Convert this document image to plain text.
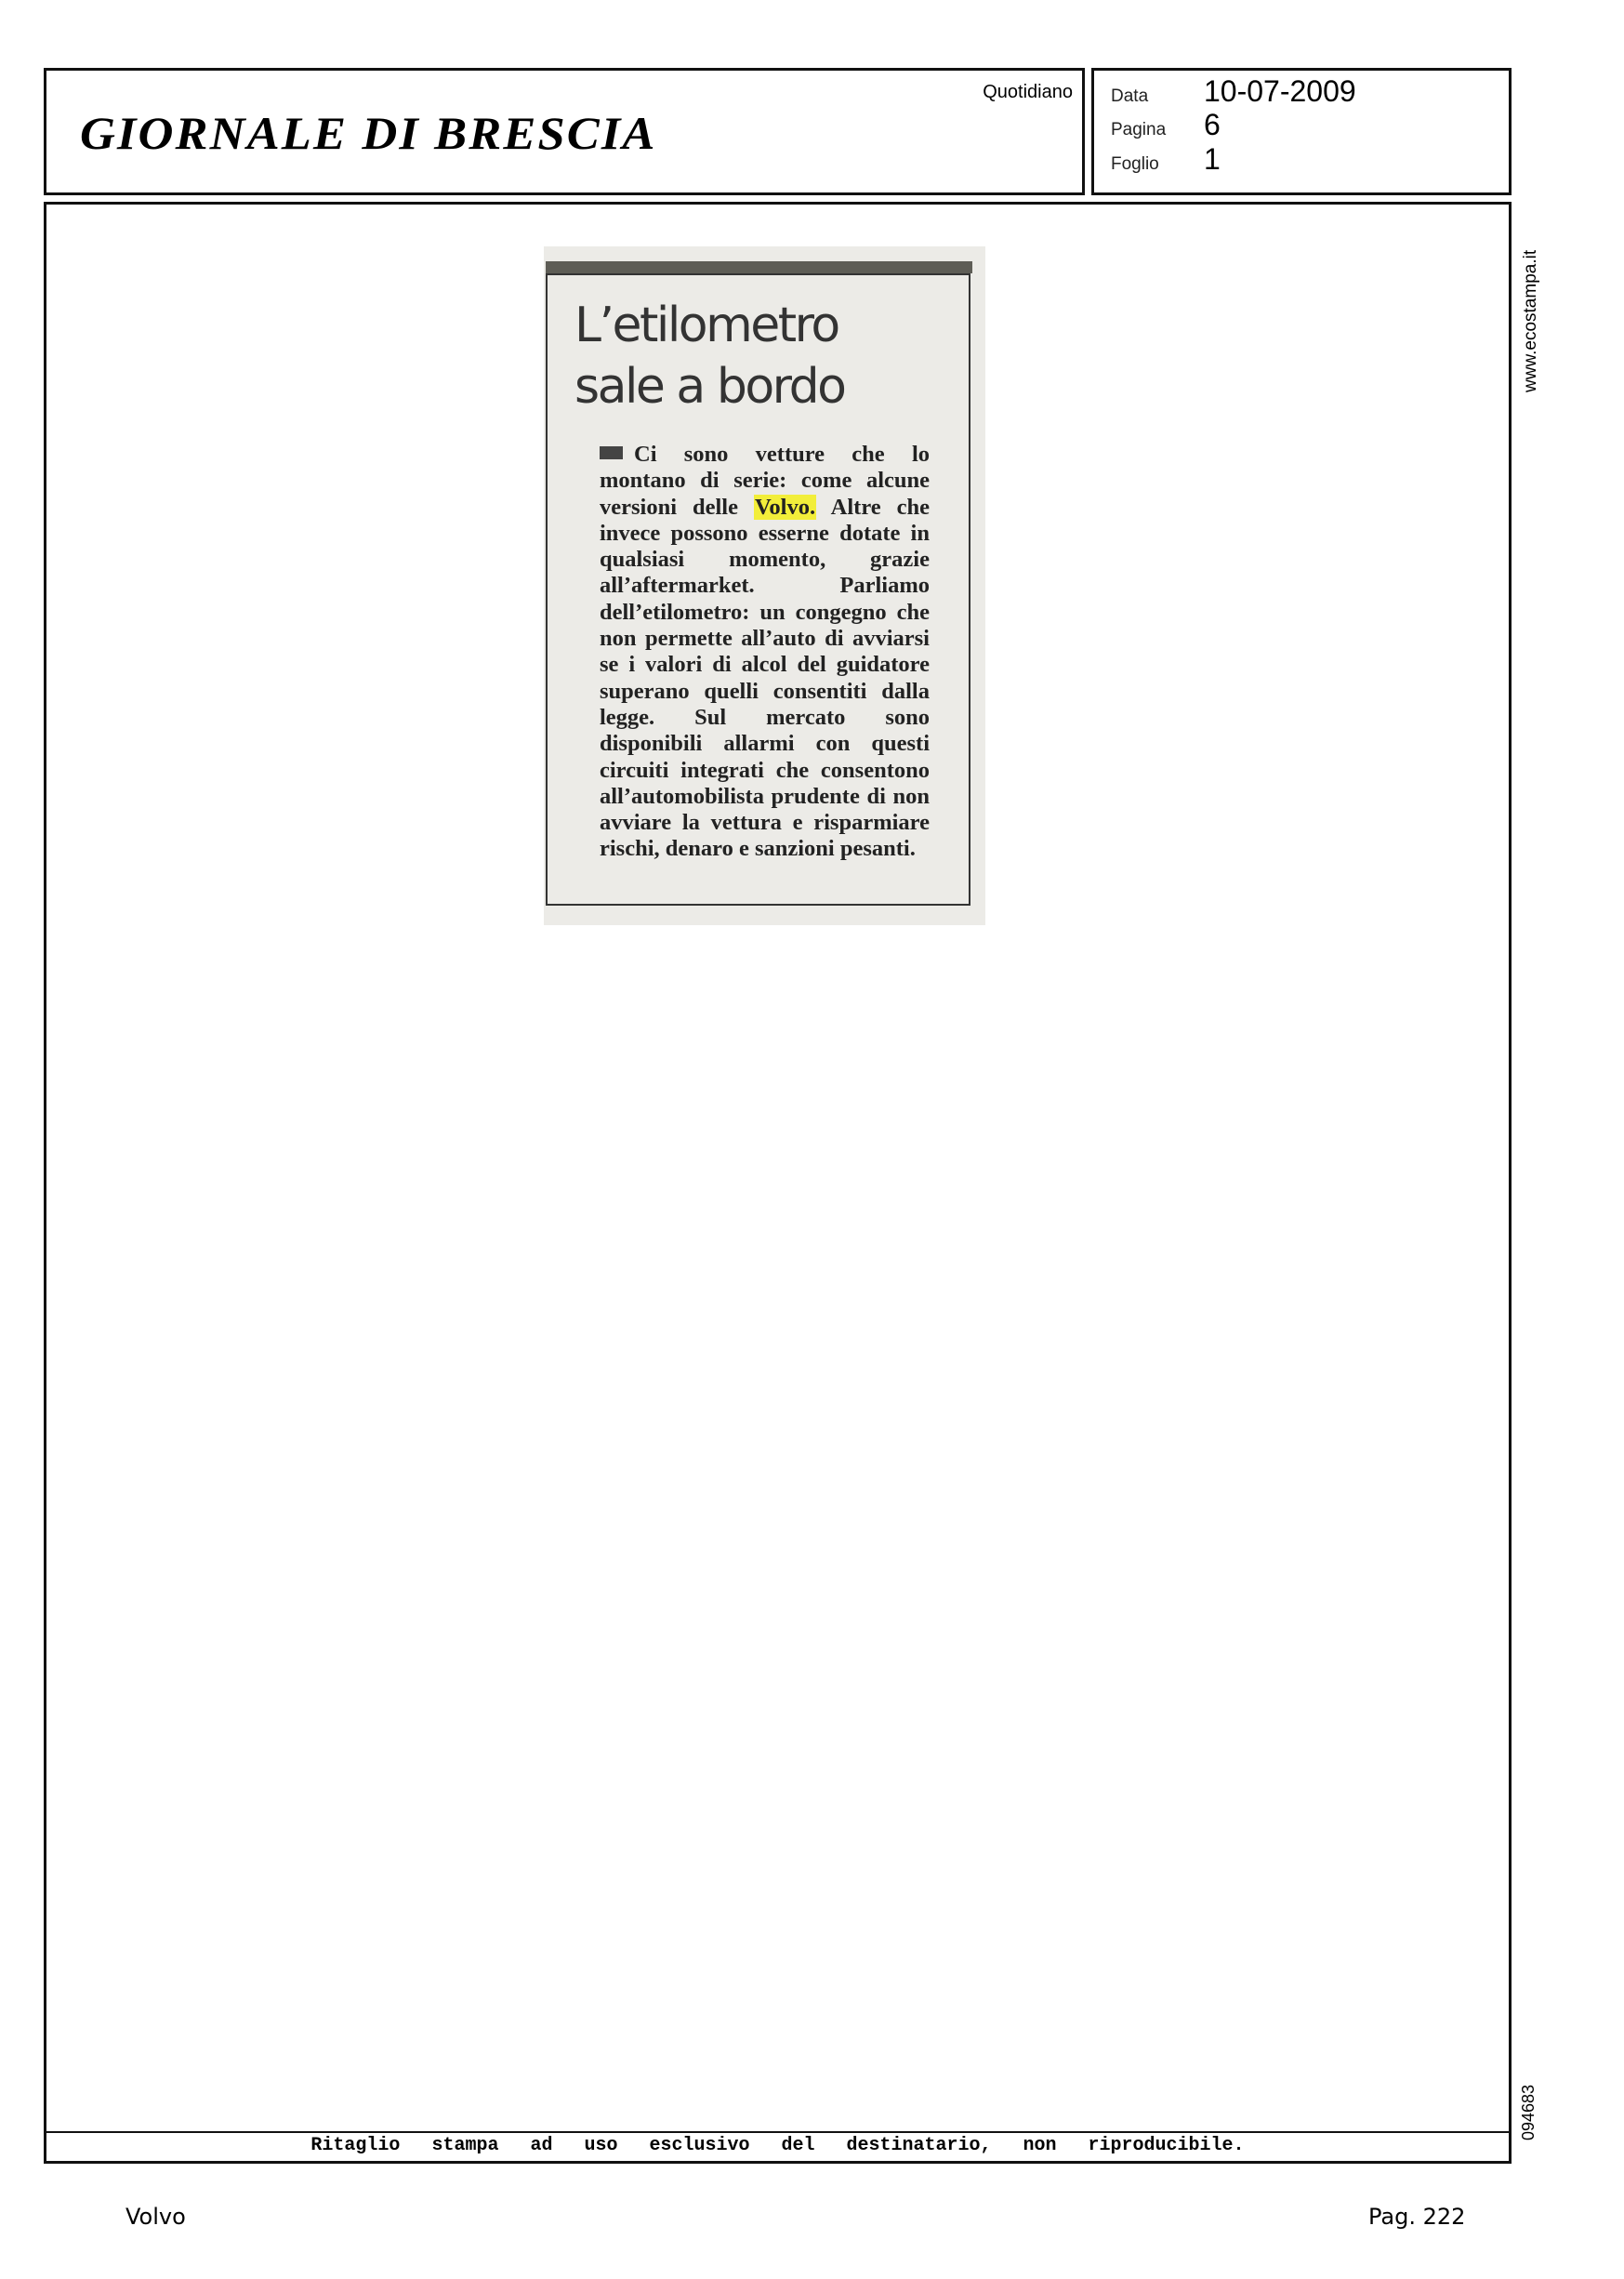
GIORNALE DI BRESCIA
Quotidiano Data	10-07-2009
Pagina	6
Foglio	1
Ritaglio stampa ad uso esclusivo del destinatario, non riproducibile.
www.ecostampa.it
094683
L’etilometro
sale a bordo

Ci sono vetture che lo montano di serie: come alcune versioni delle Volvo. Altre che invece possono esserne dotate in qualsiasi momento, grazie all’aftermarket. Parliamo dell’etilometro: un congegno che non permette all’auto di avviarsi se i valori di alcol del guidatore superano quelli consentiti dalla legge. Sul mercato sono disponibili allarmi con questi circuiti integrati che consentono all’automobilista prudente di non avviare la vettura e risparmiare rischi, denaro e sanzioni pesanti.

Volvo	Pag. 222
